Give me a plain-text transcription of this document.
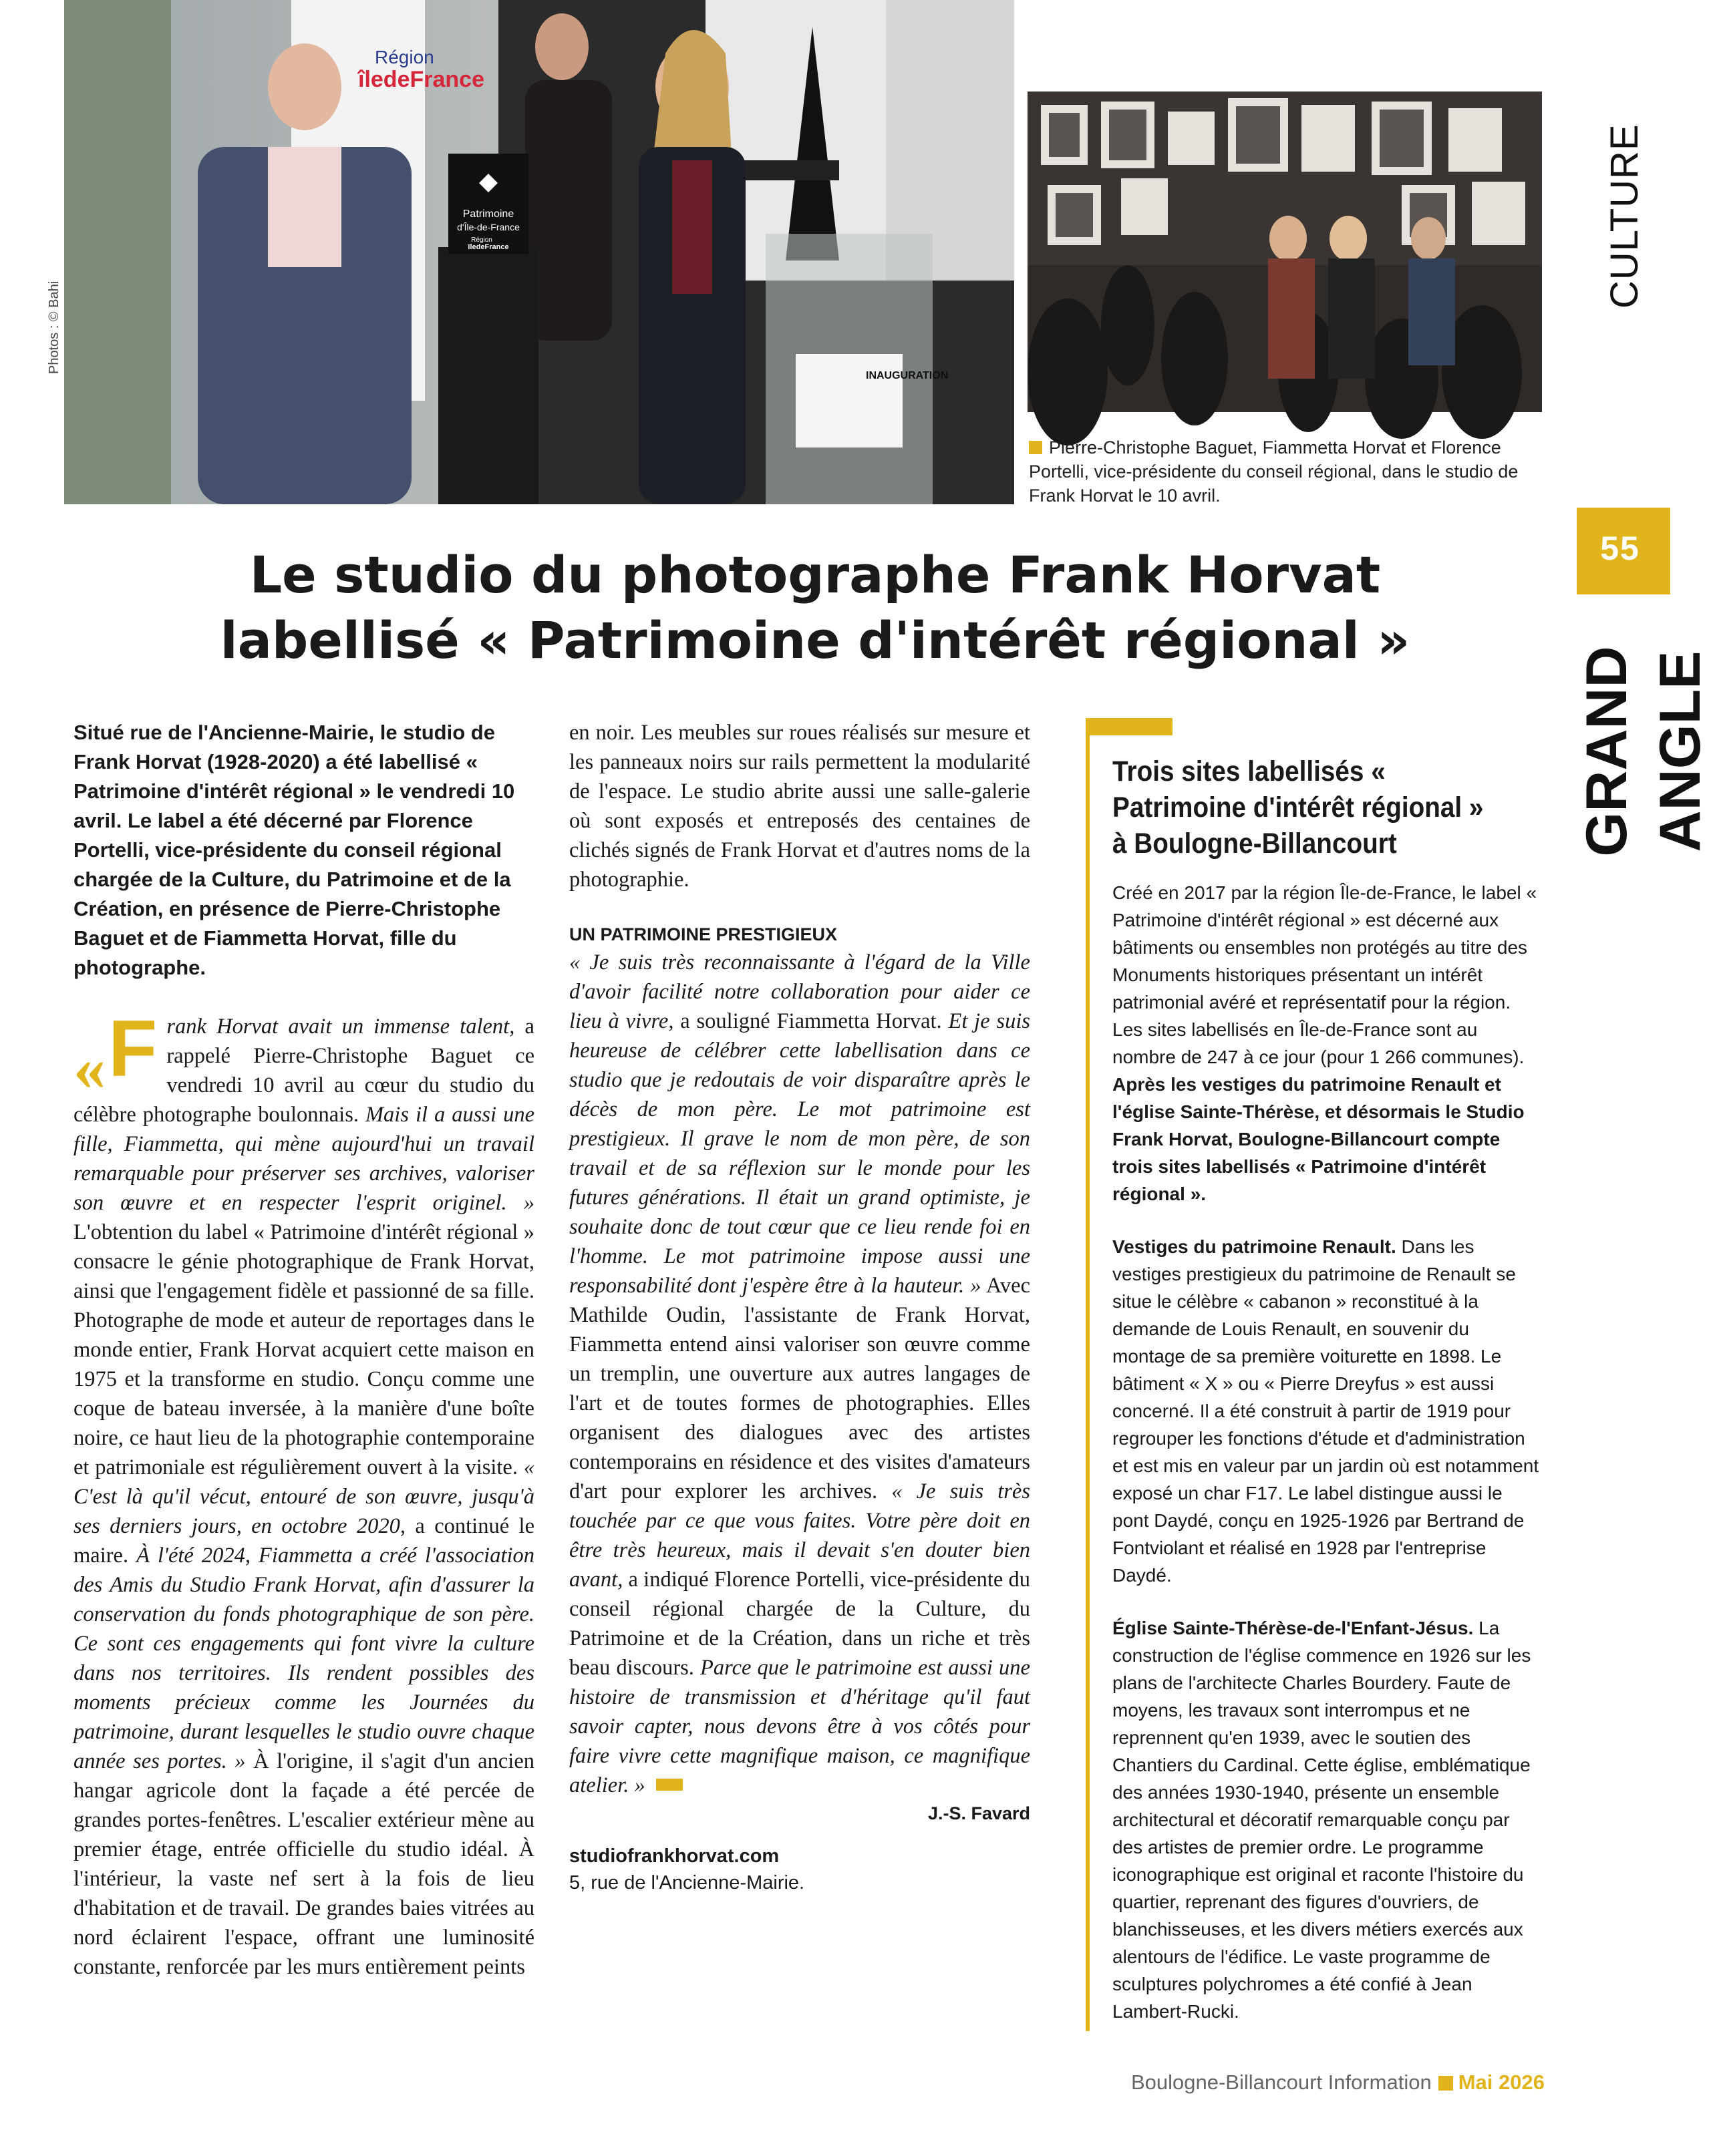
Région
îledeFrance
Patrimoine
d'Île-de-France
Région
îledeFrance
INAUGURATION
Photos : © Bahi
Pierre-Christophe Baguet, Fiammetta Horvat et Florence Portelli, vice-présidente du conseil régional, dans le studio de Frank Horvat le 10 avril.
CULTURE
55
GRAND ANGLE
Le studio du photographe Frank Horvat
labellisé « Patrimoine d'intérêt régional »

Situé rue de l'Ancienne-Mairie, le studio de Frank Horvat (1928-2020) a été labellisé « Patrimoine d'intérêt régional » le vendredi 10 avril. Le label a été décerné par Florence Portelli, vice-présidente du conseil régional chargée de la Culture, du Patrimoine et de la Création, en présence de Pierre-Christophe Baguet et de Fiammetta Horvat, fille du photographe.

« F rank Horvat avait un immense talent, a rappelé Pierre-Christophe Baguet ce vendredi 10 avril au cœur du studio du célèbre photographe boulonnais. Mais il a aussi une fille, Fiammetta, qui mène aujourd'hui un travail remarquable pour préserver ses archives, valoriser son œuvre et en respecter l'esprit originel. » L'obtention du label « Patrimoine d'intérêt régional » consacre le génie photographique de Frank Horvat, ainsi que l'engagement fidèle et passionné de sa fille. Photographe de mode et auteur de reportages dans le monde entier, Frank Horvat acquiert cette maison en 1975 et la transforme en studio. Conçu comme une coque de bateau inversée, à la manière d'une boîte noire, ce haut lieu de la photographie contemporaine et patrimoniale est régulièrement ouvert à la visite. « C'est là qu'il vécut, entouré de son œuvre, jusqu'à ses derniers jours, en octobre 2020, a continué le maire. À l'été 2024, Fiammetta a créé l'association des Amis du Studio Frank Horvat, afin d'assurer la conservation du fonds photographique de son père. Ce sont ces engagements qui font vivre la culture dans nos territoires. Ils rendent possibles des moments précieux comme les Journées du patrimoine, durant lesquelles le studio ouvre chaque année ses portes. » À l'origine, il s'agit d'un ancien hangar agricole dont la façade a été percée de grandes portes-fenêtres. L'escalier extérieur mène au premier étage, entrée officielle du studio idéal. À l'intérieur, la vaste nef sert à la fois de lieu d'habitation et de travail. De grandes baies vitrées au nord éclairent l'espace, offrant une luminosité constante, renforcée par les murs entièrement peints

en noir. Les meubles sur roues réalisés sur mesure et les panneaux noirs sur rails permettent la modularité de l'espace. Le studio abrite aussi une salle-galerie où sont exposés et entreposés des centaines de clichés signés de Frank Horvat et d'autres noms de la photographie.

UN PATRIMOINE PRESTIGIEUX

« Je suis très reconnaissante à l'égard de la Ville d'avoir facilité notre collaboration pour aider ce lieu à vivre, a souligné Fiammetta Horvat. Et je suis heureuse de célébrer cette labellisation dans ce studio que je redoutais de voir disparaître après le décès de mon père. Le mot patrimoine est prestigieux. Il grave le nom de mon père, de son travail et de sa réflexion sur le monde pour les futures générations. Il était un grand optimiste, je souhaite donc de tout cœur que ce lieu rende foi en l'homme. Le mot patrimoine impose aussi une responsabilité dont j'espère être à la hauteur. » Avec Mathilde Oudin, l'assistante de Frank Horvat, Fiammetta entend ainsi valoriser son œuvre comme un tremplin, une ouverture aux autres langages de l'art et de toutes formes de photographies. Elles organisent des dialogues avec des artistes contemporains en résidence et des visites d'amateurs d'art pour explorer les archives. « Je suis très touchée par ce que vous faites. Votre père doit en être très heureux, mais il devait s'en douter bien avant, a indiqué Florence Portelli, vice-présidente du conseil régional chargée de la Culture, du Patrimoine et de la Création, dans un riche et très beau discours. Parce que le patrimoine est aussi une histoire de transmission et d'héritage qu'il faut savoir capter, nous devons être à vos côtés pour faire vivre cette magnifique maison, ce magnifique atelier. »

J.-S. Favard

studiofrankhorvat.com

5, rue de l'Ancienne-Mairie.

Trois sites labellisés « Patrimoine d'intérêt régional » à Boulogne-Billancourt

Créé en 2017 par la région Île-de-France, le label « Patrimoine d'intérêt régional » est décerné aux bâtiments ou ensembles non protégés au titre des Monuments historiques présentant un intérêt patrimonial avéré et représentatif pour la région. Les sites labellisés en Île-de-France sont au nombre de 247 à ce jour (pour 1 266 communes). Après les vestiges du patrimoine Renault et l'église Sainte-Thérèse, et désormais le Studio Frank Horvat, Boulogne-Billancourt compte trois sites labellisés « Patrimoine d'intérêt régional ».

Vestiges du patrimoine Renault. Dans les vestiges prestigieux du patrimoine de Renault se situe le célèbre « cabanon » reconstitué à la demande de Louis Renault, en souvenir du montage de sa première voiturette en 1898. Le bâtiment « X » ou « Pierre Dreyfus » est aussi concerné. Il a été construit à partir de 1919 pour regrouper les fonctions d'étude et d'administration et est mis en valeur par un jardin où est notamment exposé un char F17. Le label distingue aussi le pont Daydé, conçu en 1925-1926 par Bertrand de Fontviolant et réalisé en 1928 par l'entreprise Daydé.

Église Sainte-Thérèse-de-l'Enfant-Jésus. La construction de l'église commence en 1926 sur les plans de l'architecte Charles Bourdery. Faute de moyens, les travaux sont interrompus et ne reprennent qu'en 1939, avec le soutien des Chantiers du Cardinal. Cette église, emblématique des années 1930-1940, présente un ensemble architectural et décoratif remarquable conçu par des artistes de premier ordre. Le programme iconographique est original et raconte l'histoire du quartier, reprenant des figures d'ouvriers, de blanchisseuses, et les divers métiers exercés aux alentours de l'édifice. Le vaste programme de sculptures polychromes a été confié à Jean Lambert-Rucki.

Boulogne-Billancourt Information Mai 2026
